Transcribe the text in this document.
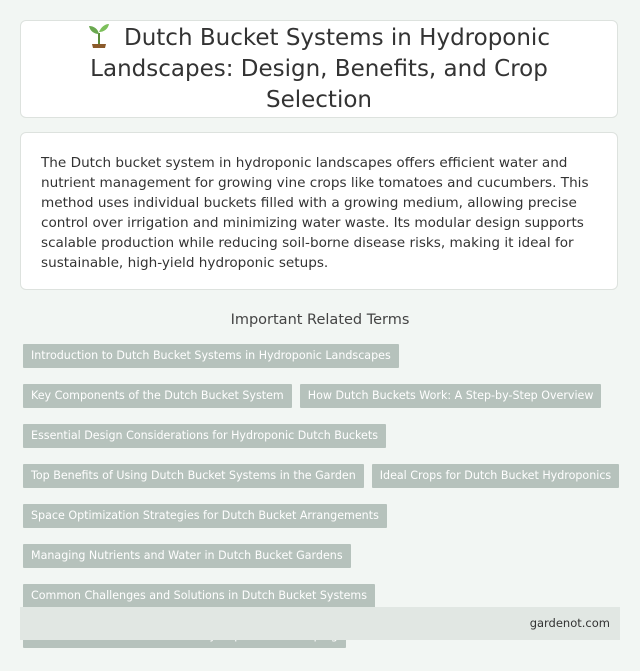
Dutch Bucket Systems in Hydroponic Landscapes: Design, Benefits, and Crop Selection

The Dutch bucket system in hydroponic landscapes offers efficient water and nutrient management for growing vine crops like tomatoes and cucumbers. This method uses individual buckets filled with a growing medium, allowing precise control over irrigation and minimizing water waste. Its modular design supports scalable production while reducing soil-borne disease risks, making it ideal for sustainable, high-yield hydroponic setups.

Important Related Terms
Introduction to Dutch Bucket Systems in Hydroponic Landscapes
Key Components of the Dutch Bucket System	How Dutch Buckets Work: A Step-by-Step Overview
Essential Design Considerations for Hydroponic Dutch Buckets
Top Benefits of Using Dutch Bucket Systems in the Garden	Ideal Crops for Dutch Bucket Hydroponics
Space Optimization Strategies for Dutch Bucket Arrangements
Managing Nutrients and Water in Dutch Bucket Gardens
Common Challenges and Solutions in Dutch Bucket Systems
gardenot.com
